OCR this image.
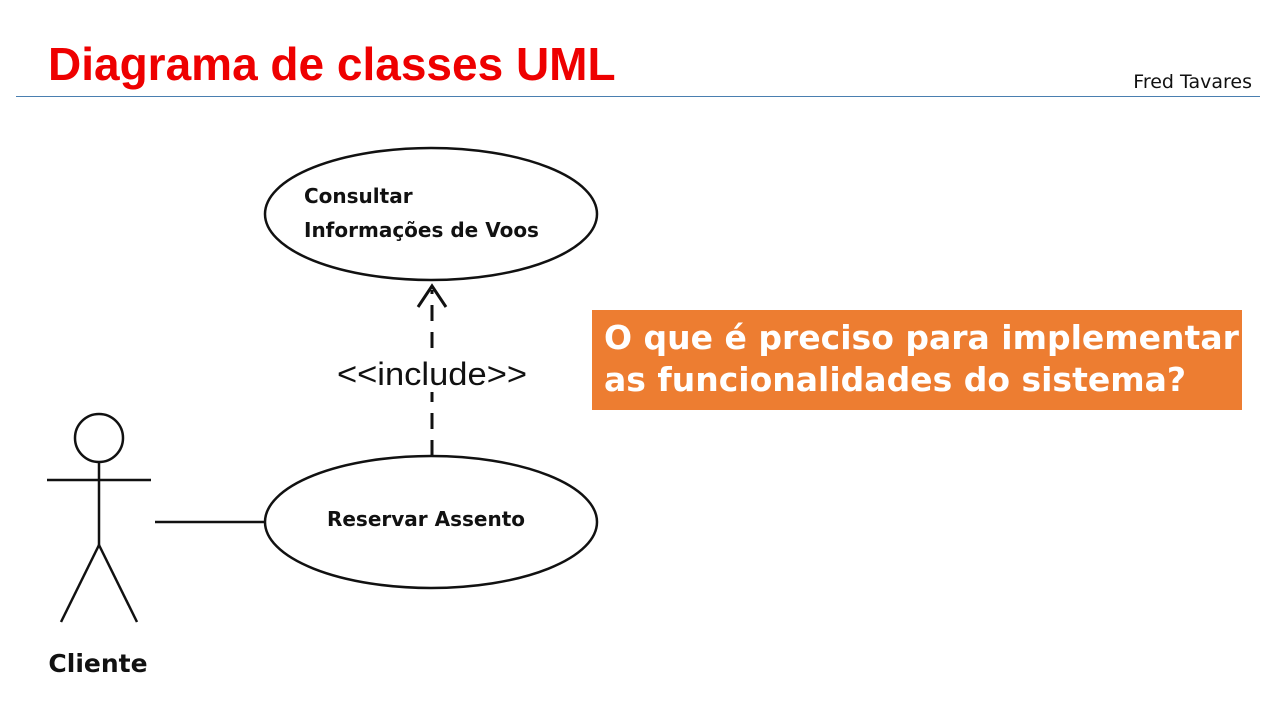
Diagrama de classes UML	Fred Tavares
Consultar
Informações de Voos
<<include>>
Reservar Assento
Cliente
O que é preciso para implementar
as funcionalidades do sistema?
